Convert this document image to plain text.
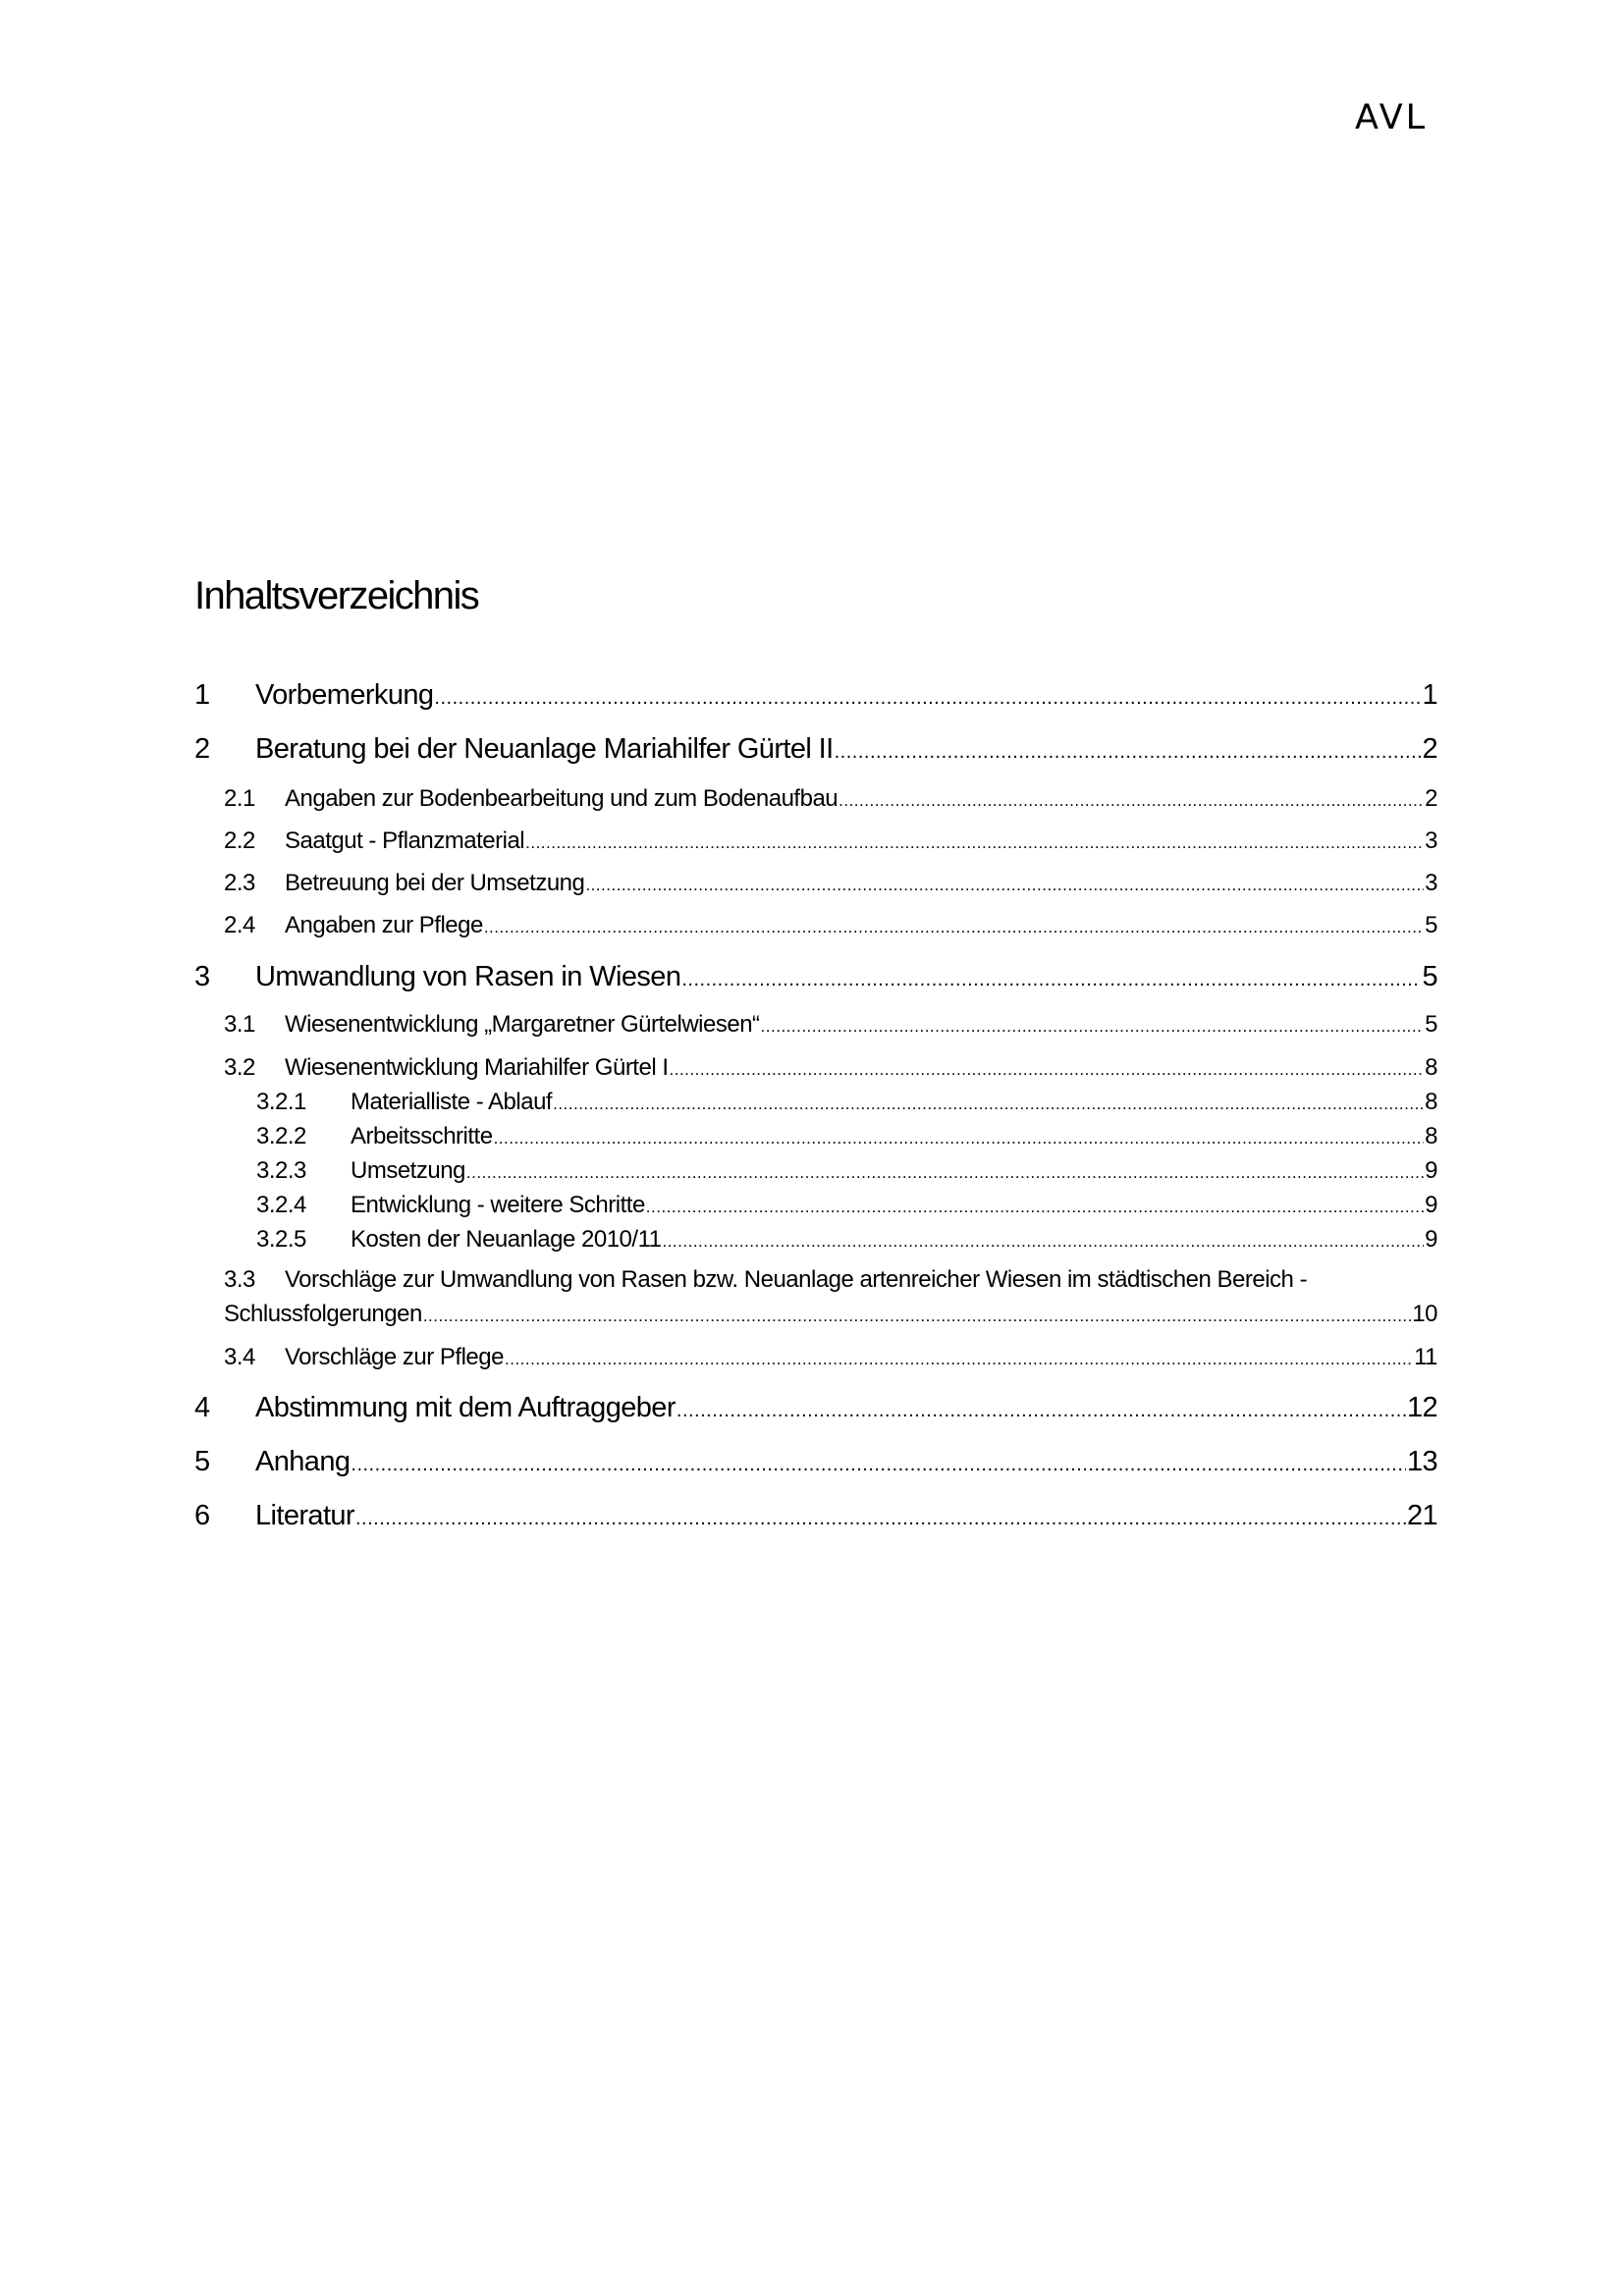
AVL
Inhaltsverzeichnis
1	Vorbemerkung .....	1
2	Beratung bei der Neuanlage Mariahilfer Gürtel II .....	2
2.1	Angaben zur Bodenbearbeitung und zum Bodenaufbau .....	2
2.2	Saatgut - Pflanzmaterial .....	3
2.3	Betreuung bei der Umsetzung .....	3
2.4	Angaben zur Pflege .....	5
3	Umwandlung von Rasen in Wiesen .....	5
3.1	Wiesenentwicklung „Margaretner Gürtelwiesen“ .....	5
3.2	Wiesenentwicklung Mariahilfer Gürtel I .....	8
3.2.1	Materialliste - Ablauf .....	8
3.2.2	Arbeitsschritte .....	8
3.2.3	Umsetzung .....	9
3.2.4	Entwicklung - weitere Schritte .....	9
3.2.5	Kosten der Neuanlage 2010/11 .....	9
3.3 Vorschläge zur Umwandlung von Rasen bzw. Neuanlage artenreicher Wiesen im städtischen Bereich -
Schlussfolgerungen .....	10
3.4	Vorschläge zur Pflege .....	11
4	Abstimmung mit dem Auftraggeber .....	12
5	Anhang .....	13
6	Literatur .....	21
